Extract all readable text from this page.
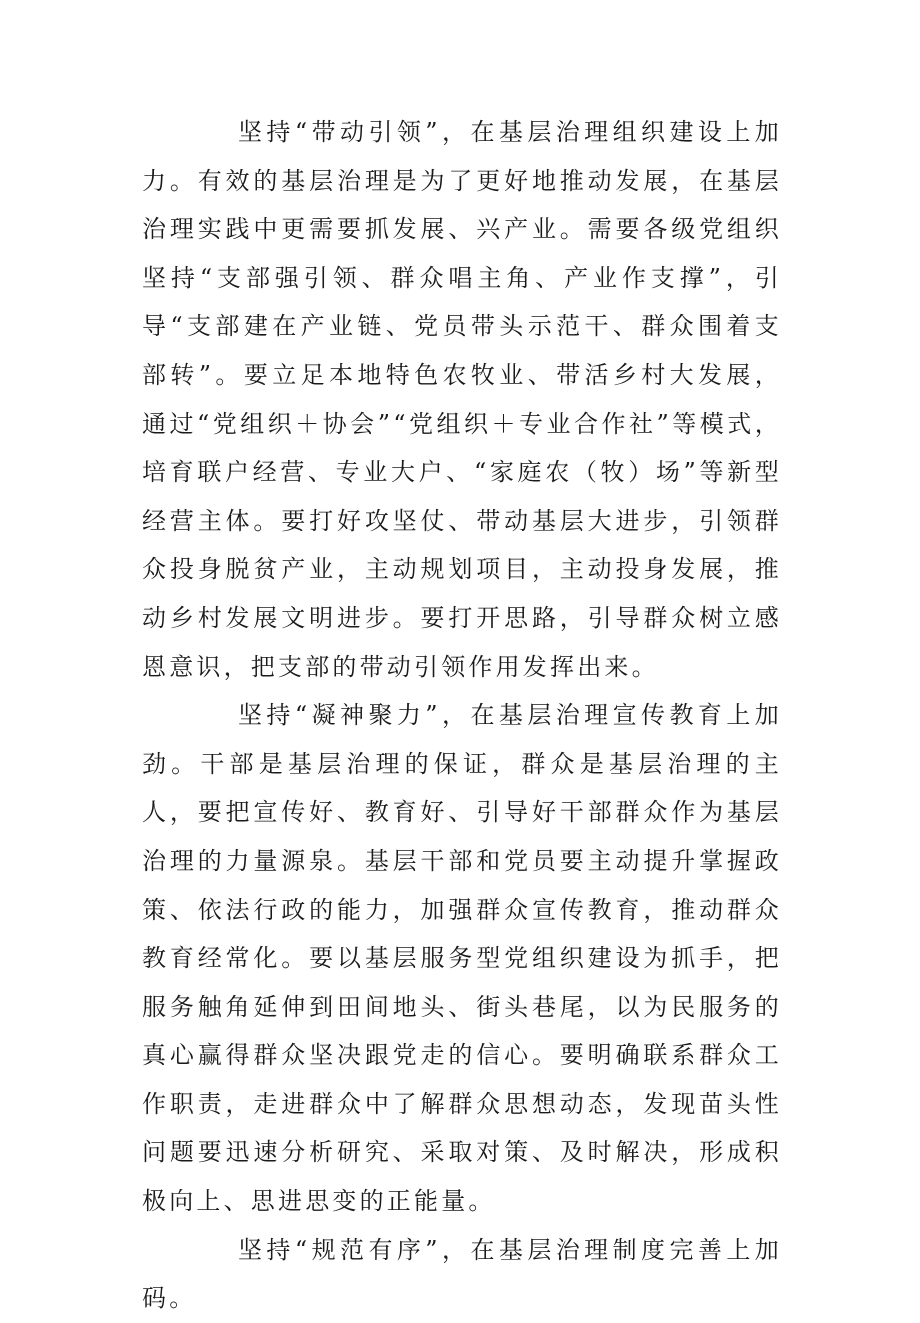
坚持“带动引领”，在基层治理组织建设上加力。有效的基层治理是为了更好地推动发展，在基层治理实践中更需要抓发展、兴产业。需要各级党组织坚持“支部强引领、群众唱主角、产业作支撑”，引导“支部建在产业链、党员带头示范干、群众围着支部转”。要立足本地特色农牧业、带活乡村大发展，通过“党组织＋协会”“党组织＋专业合作社”等模式，培育联户经营、专业大户、“家庭农（牧）场”等新型经营主体。要打好攻坚仗、带动基层大进步，引领群众投身脱贫产业，主动规划项目，主动投身发展，推动乡村发展文明进步。要打开思路，引导群众树立感恩意识，把支部的带动引领作用发挥出来。

坚持“凝神聚力”，在基层治理宣传教育上加劲。干部是基层治理的保证，群众是基层治理的主人，要把宣传好、教育好、引导好干部群众作为基层治理的力量源泉。基层干部和党员要主动提升掌握政策、依法行政的能力，加强群众宣传教育，推动群众教育经常化。要以基层服务型党组织建设为抓手，把服务触角延伸到田间地头、街头巷尾，以为民服务的真心赢得群众坚决跟党走的信心。要明确联系群众工作职责，走进群众中了解群众思想动态，发现苗头性问题要迅速分析研究、采取对策、及时解决，形成积极向上、思进思变的正能量。

坚持“规范有序”，在基层治理制度完善上加码。
